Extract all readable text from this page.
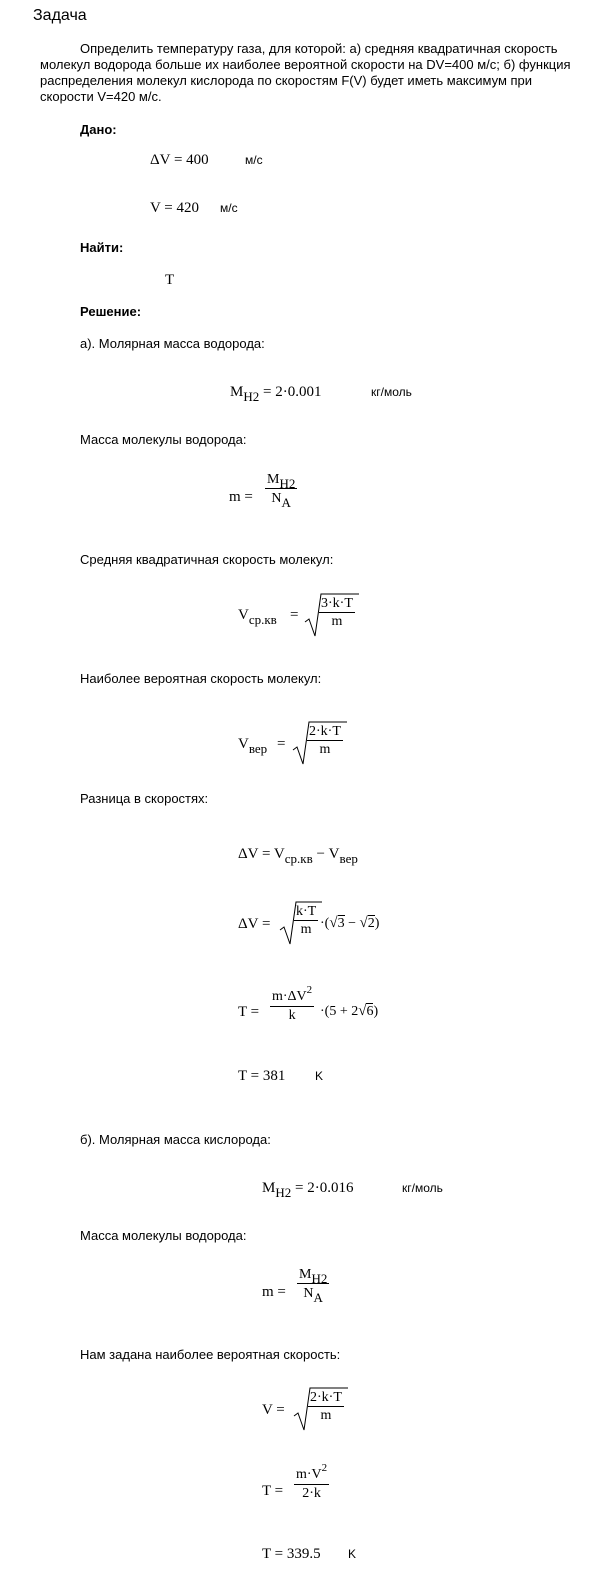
Задача
Определить температуру газа, для которой: а) средняя квадратичная скорость
молекул водорода больше их наиболее вероятной скорости на DV=400 м/с; б) функция
распределения молекул кислорода по скоростям F(V) будет иметь максимум при
скорости V=420 м/с.
Дано:
ΔV = 400	м/с
V = 420 м/с
Найти:
T
Решение:
а). Молярная масса водорода:
MH2 = 2·0.001	кг/моль
Масса молекулы водорода:
$m = \frac{MH2}{NA}$
Средняя квадратичная скорость молекул:
$Vср.кв = \frac{3\cdot k\cdot T}{m}$
Наиболее вероятная скорость молекул:
Vвер = $\frac{2\cdot k\cdot T}{m}$
Разница в скоростях:
ΔV = Vср.кв − Vвер
$\Delta V = \frac{k\cdot T}{m} \cdot(√3 - √2)$
$T = \frac{m\cdot\Delta V^2}{k} \cdot(5 + 2√6)$
T = 381 K
б). Молярная масса кислорода:
MH2 = 2·0.016	кг/моль
Масса молекулы водорода:
$m = \frac{MH2}{NA}$
Нам задана наиболее вероятная скорость:
$V = \frac{2\cdot k\cdot T}{m}$
$T = \frac{m\cdot V^2}{2\cdot k}$
T = 339.5 K
